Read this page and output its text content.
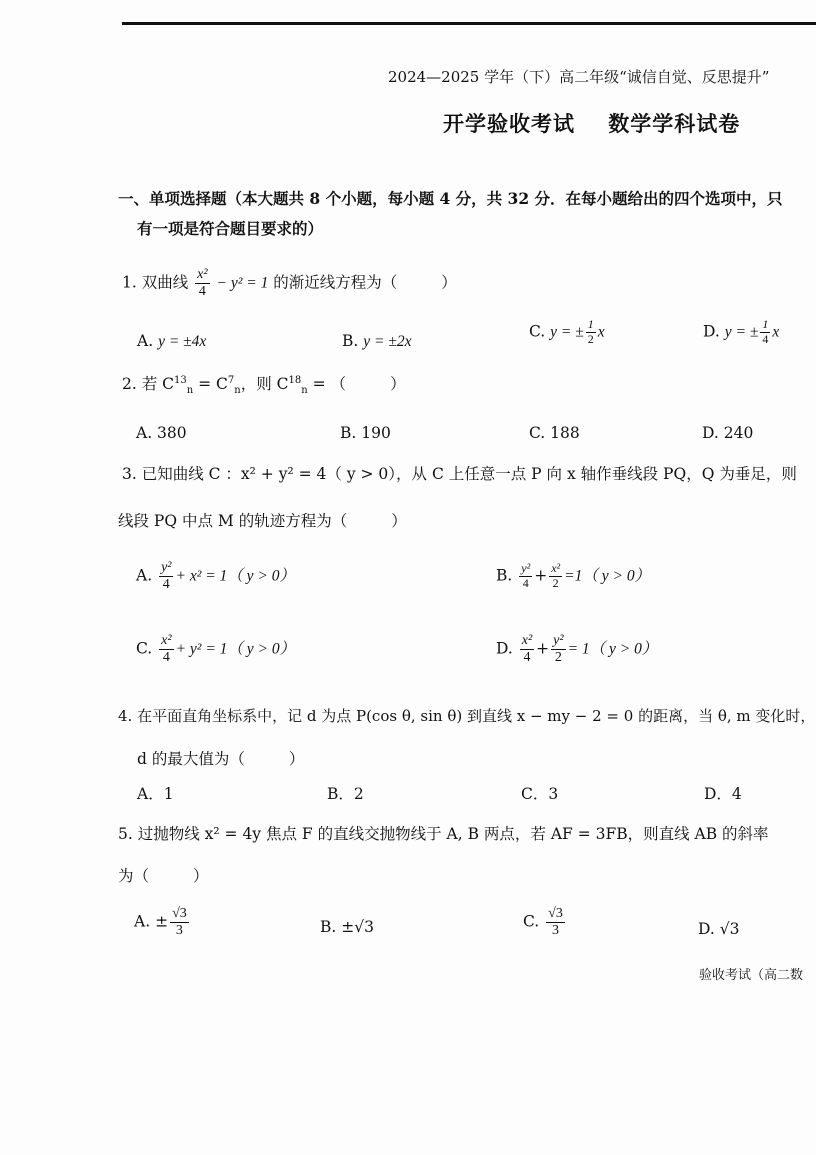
2024—2025 学年（下）高二年级“诚信自觉、反思提升”
开学验收考试    数学学科试卷
一、单项选择题（本大题共 8 个小题，每小题 4 分，共 32 分．在每小题给出的四个选项中，只
有一项是符合题目要求的）
1. 双曲线 $\frac{\text{x²}}{4} - y^2 = 1$ 的渐近线方程为（	）
A. y = ±4x	B. y = ±2x
C. y = ± $\frac{1}{2}$ x	D. y = ± $\frac{1}{4}$ x
2. 若 $C^{13}_n = C^7_n$，则 $C^{18}_n$ = （	）
A. 380	B. 190	C. 188	D. 240
3. 已知曲线 C ：x² + y² = 4（ y > 0），从 C 上任意一点 P 向 x 轴作垂线段 PQ，Q 为垂足，则
线段 PQ 中点 M 的轨迹方程为（	）
A. $\frac{\text{y²}}{4} + x^2 = 1$（ y > 0）	B. $\frac{\text{y²}}{4} + \frac{\text{x²}}{2} =1$（ y > 0）
C. $\frac{\text{x²}}{4} + y^2 = 1$（ y > 0）	D. $\frac{\text{x²}}{4} + \frac{\text{y²}}{2} = 1$（ y > 0）
4. 在平面直角坐标系中，记 d 为点 P(cos θ, sin θ) 到直线 x − my − 2 = 0 的距离，当 θ, m 变化时，
d 的最大值为（	）
A．1	B．2	C．3	D．4
5. 过抛物线 x² = 4y 焦点 F 的直线交抛物线于 A, B 两点，若 AF = 3FB，则直线 AB 的斜率
为（	）
A. ± $\frac{√3}{3}$	B. ±√3	C. $\frac{√3}{3}$	D. √3
验收考试（高二数
